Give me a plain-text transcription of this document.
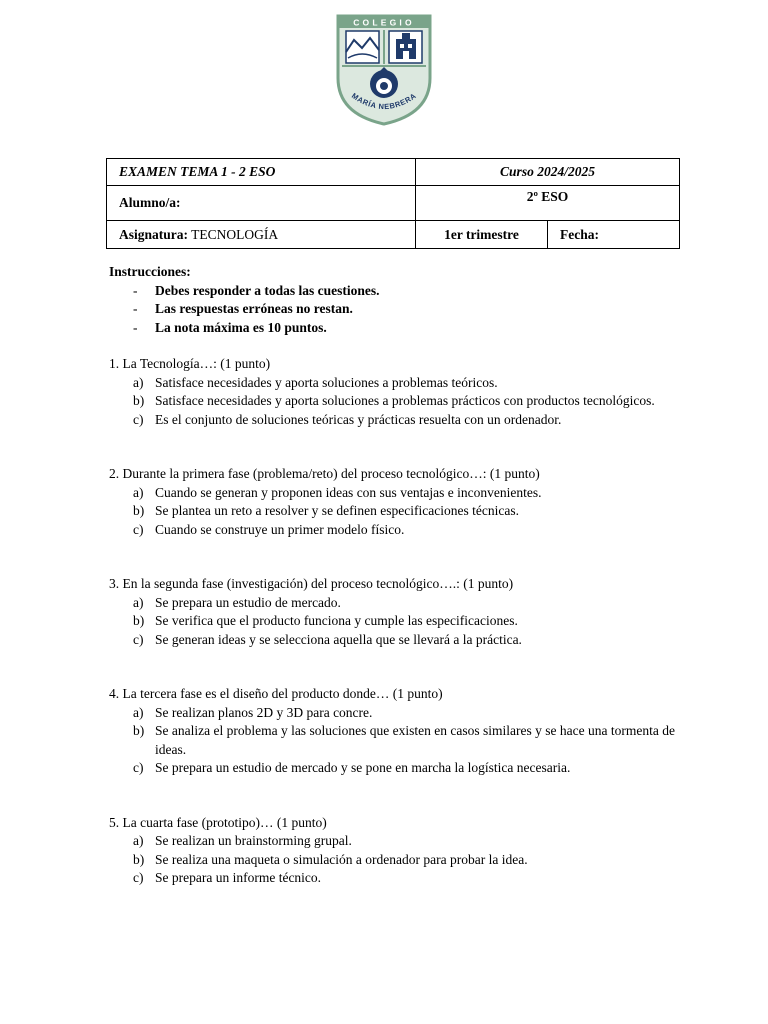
COLEGIO
MARÍA NEBRERA
EXAMEN TEMA 1 - 2 ESO	Curso 2024/2025	
Alumno/a:	2º ESO	
Asignatura: TECNOLOGÍA	1er trimestre	Fecha:
Instrucciones:
- Debes responder a todas las cuestiones.
- Las respuestas erróneas no restan.
- La nota máxima es 10 puntos.
1. La Tecnología…: (1 punto)
a) Satisface necesidades y aporta soluciones a problemas teóricos.
b) Satisface necesidades y aporta soluciones a problemas prácticos con productos tecnológicos.
c) Es el conjunto de soluciones teóricas y prácticas resuelta con un ordenador.
2. Durante la primera fase (problema/reto) del proceso tecnológico…: (1 punto)
a) Cuando se generan y proponen ideas con sus ventajas e inconvenientes.
b) Se plantea un reto a resolver y se definen especificaciones técnicas.
c) Cuando se construye un primer modelo físico.
3. En la segunda fase (investigación) del proceso tecnológico….: (1 punto)
a) Se prepara un estudio de mercado.
b) Se verifica que el producto funciona y cumple las especificaciones.
c) Se generan ideas y se selecciona aquella que se llevará a la práctica.
4. La tercera fase es el diseño del producto donde… (1 punto)
a) Se realizan planos 2D y 3D para concre.
b) Se analiza el problema y las soluciones que existen en casos similares y se hace una tormenta de ideas.
c) Se prepara un estudio de mercado y se pone en marcha la logística necesaria.
5. La cuarta fase (prototipo)… (1 punto)
a) Se realizan un brainstorming grupal.
b) Se realiza una maqueta o simulación a ordenador para probar la idea.
c) Se prepara un informe técnico.
